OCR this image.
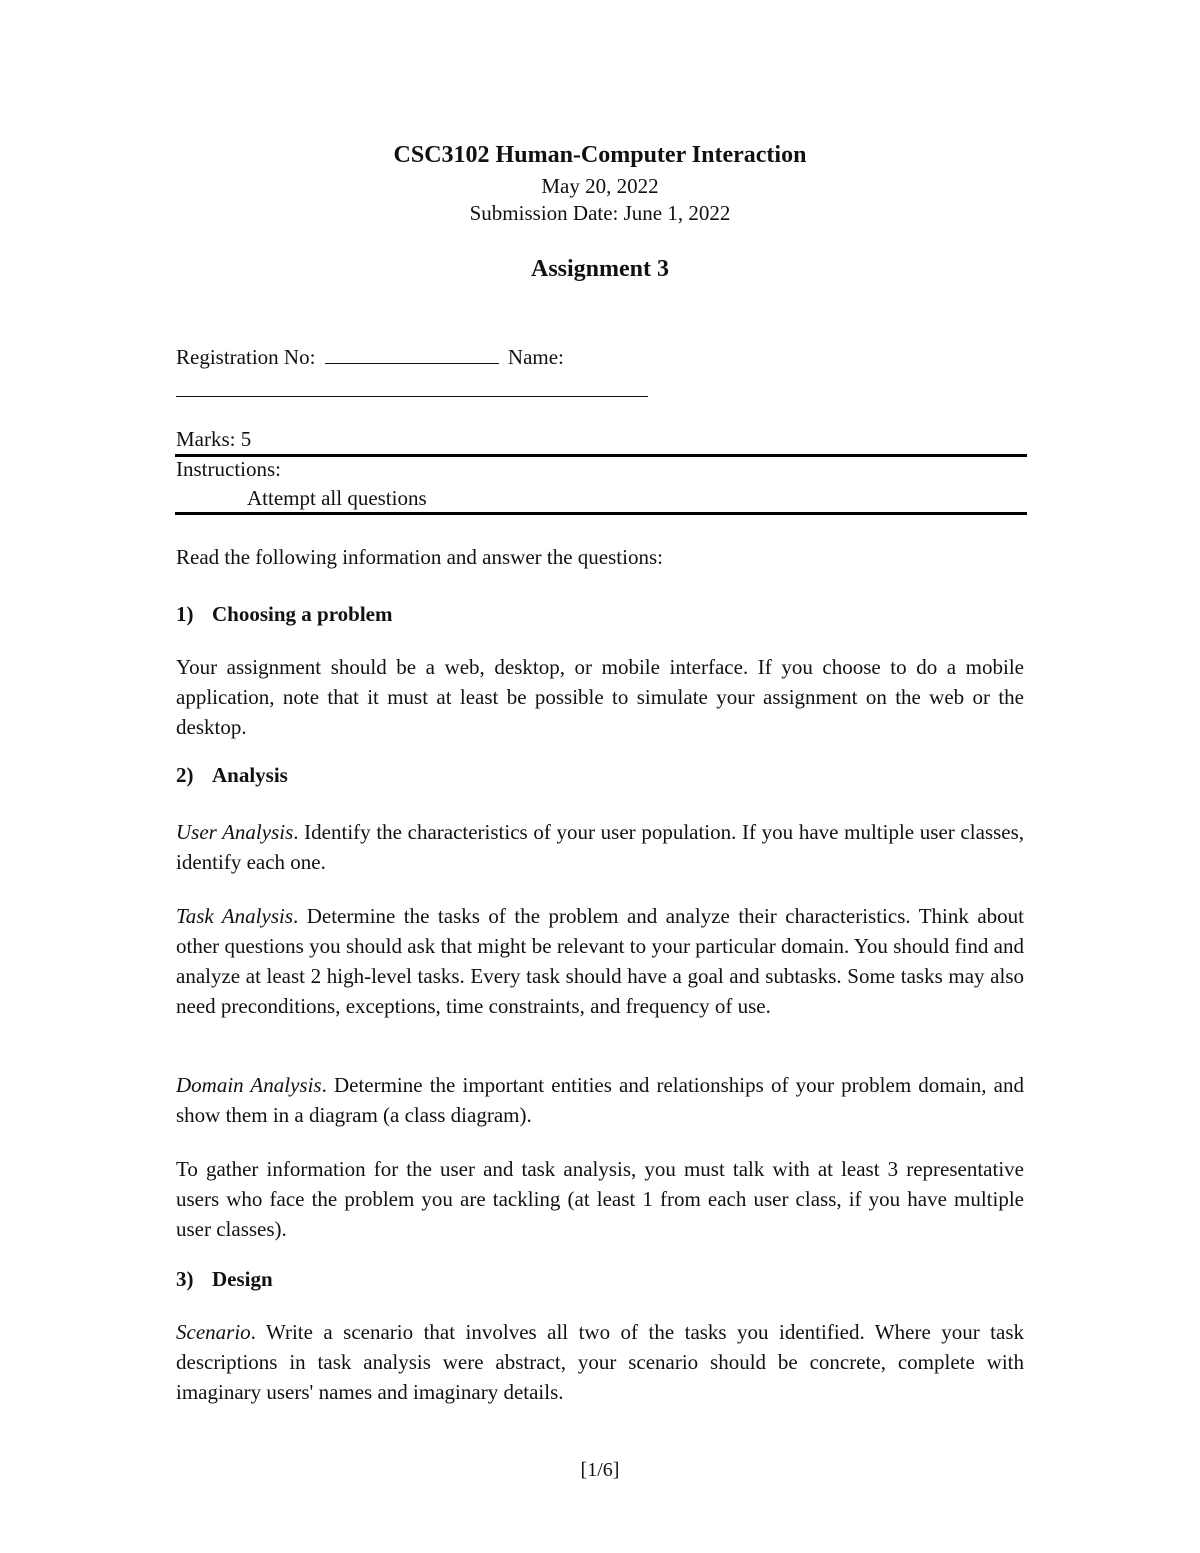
CSC3102 Human-Computer Interaction
May 20, 2022
Submission Date: June 1, 2022
Assignment 3
Registration No:	Name:
Marks: 5
Instructions:
Attempt all questions
Read the following information and answer the questions:
1) Choosing a problem
Your assignment should be a web, desktop, or mobile interface. If you choose to do a mobile application, note that it must at least be possible to simulate your assignment on the web or the desktop.
2) Analysis
User Analysis. Identify the characteristics of your user population. If you have multiple user classes, identify each one.
Task Analysis. Determine the tasks of the problem and analyze their characteristics. Think about other questions you should ask that might be relevant to your particular domain. You should find and analyze at least 2 high-level tasks. Every task should have a goal and subtasks. Some tasks may also need preconditions, exceptions, time constraints, and frequency of use.
Domain Analysis. Determine the important entities and relationships of your problem domain, and show them in a diagram (a class diagram).
To gather information for the user and task analysis, you must talk with at least 3 representative users who face the problem you are tackling (at least 1 from each user class, if you have multiple user classes).
3) Design
Scenario. Write a scenario that involves all two of the tasks you identified. Where your task descriptions in task analysis were abstract, your scenario should be concrete, complete with imaginary users' names and imaginary details.
[1/6]
